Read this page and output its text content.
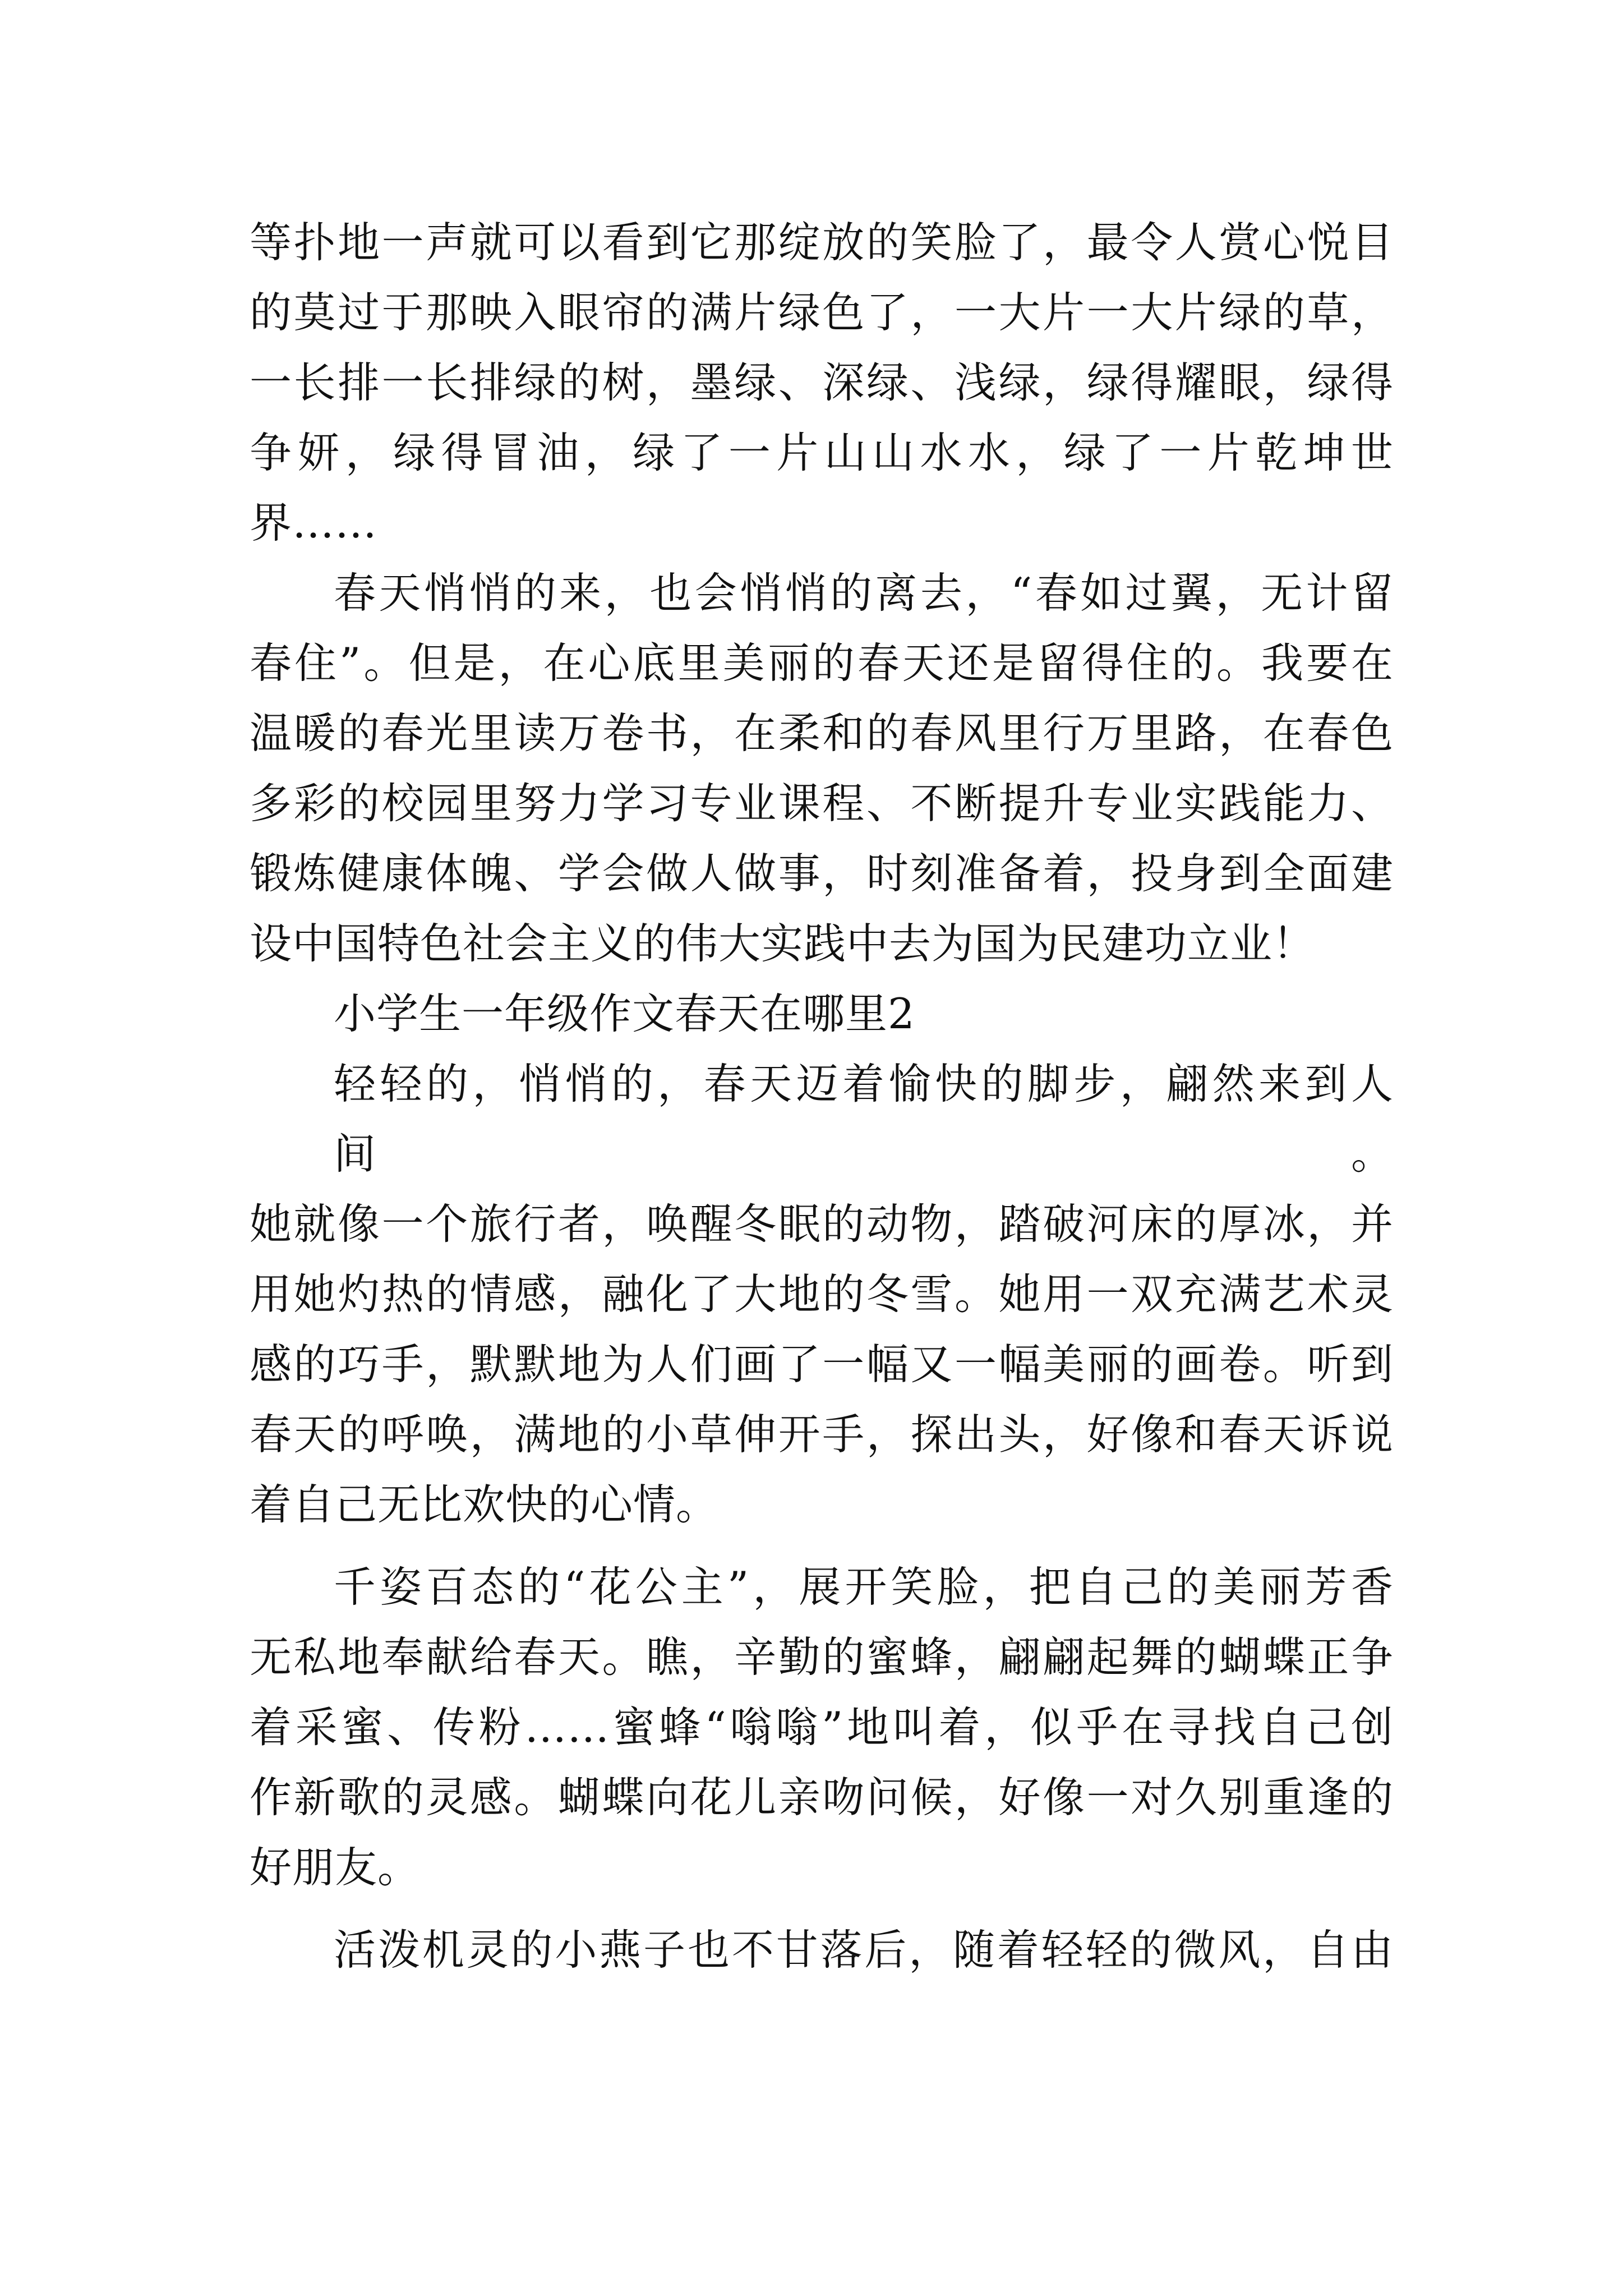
等扑地一声就可以看到它那绽放的笑脸了，最令人赏心悦目
的莫过于那映入眼帘的满片绿色了，一大片一大片绿的草，
一长排一长排绿的树，墨绿、深绿、浅绿，绿得耀眼，绿得
争妍，绿得冒油，绿了一片山山水水，绿了一片乾坤世
界……
春天悄悄的来，也会悄悄的离去，“春如过翼，无计留
春住”。但是，在心底里美丽的春天还是留得住的。我要在
温暖的春光里读万卷书，在柔和的春风里行万里路，在春色
多彩的校园里努力学习专业课程、不断提升专业实践能力、
锻炼健康体魄、学会做人做事，时刻准备着，投身到全面建
设中国特色社会主义的伟大实践中去为国为民建功立业！
小学生一年级作文春天在哪里2
轻轻的，悄悄的，春天迈着愉快的脚步，翩然来到人间。
她就像一个旅行者，唤醒冬眠的动物，踏破河床的厚冰，并
用她灼热的情感，融化了大地的冬雪。她用一双充满艺术灵
感的巧手，默默地为人们画了一幅又一幅美丽的画卷。听到
春天的呼唤，满地的小草伸开手，探出头，好像和春天诉说
着自己无比欢快的心情。
千姿百态的“花公主”，展开笑脸，把自己的美丽芳香
无私地奉献给春天。瞧，辛勤的蜜蜂，翩翩起舞的蝴蝶正争
着采蜜、传粉……蜜蜂“嗡嗡”地叫着，似乎在寻找自己创
作新歌的灵感。蝴蝶向花儿亲吻问候，好像一对久别重逢的
好朋友。
活泼机灵的小燕子也不甘落后，随着轻轻的微风，自由
